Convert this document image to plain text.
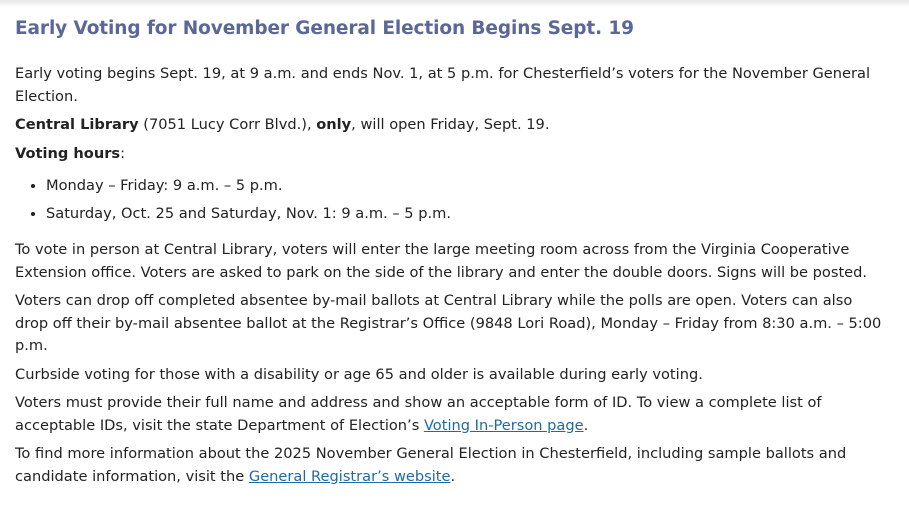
Early Voting for November General Election Begins Sept. 19

Early voting begins Sept. 19, at 9 a.m. and ends Nov. 1, at 5 p.m. for Chesterfield’s voters for the November General Election.

Central Library (7051 Lucy Corr Blvd.), only, will open Friday, Sept. 19.

Voting hours:

• Monday – Friday: 9 a.m. – 5 p.m.
• Saturday, Oct. 25 and Saturday, Nov. 1: 9 a.m. – 5 p.m.

To vote in person at Central Library, voters will enter the large meeting room across from the Virginia Cooperative Extension office. Voters are asked to park on the side of the library and enter the double doors. Signs will be posted.

Voters can drop off completed absentee by-mail ballots at Central Library while the polls are open. Voters can also drop off their by-mail absentee ballot at the Registrar’s Office (9848 Lori Road), Monday – Friday from 8:30 a.m. – 5:00 p.m.

Curbside voting for those with a disability or age 65 and older is available during early voting.

Voters must provide their full name and address and show an acceptable form of ID. To view a complete list of acceptable IDs, visit the state Department of Election’s Voting In-Person page.

To find more information about the 2025 November General Election in Chesterfield, including sample ballots and candidate information, visit the General Registrar’s website.
